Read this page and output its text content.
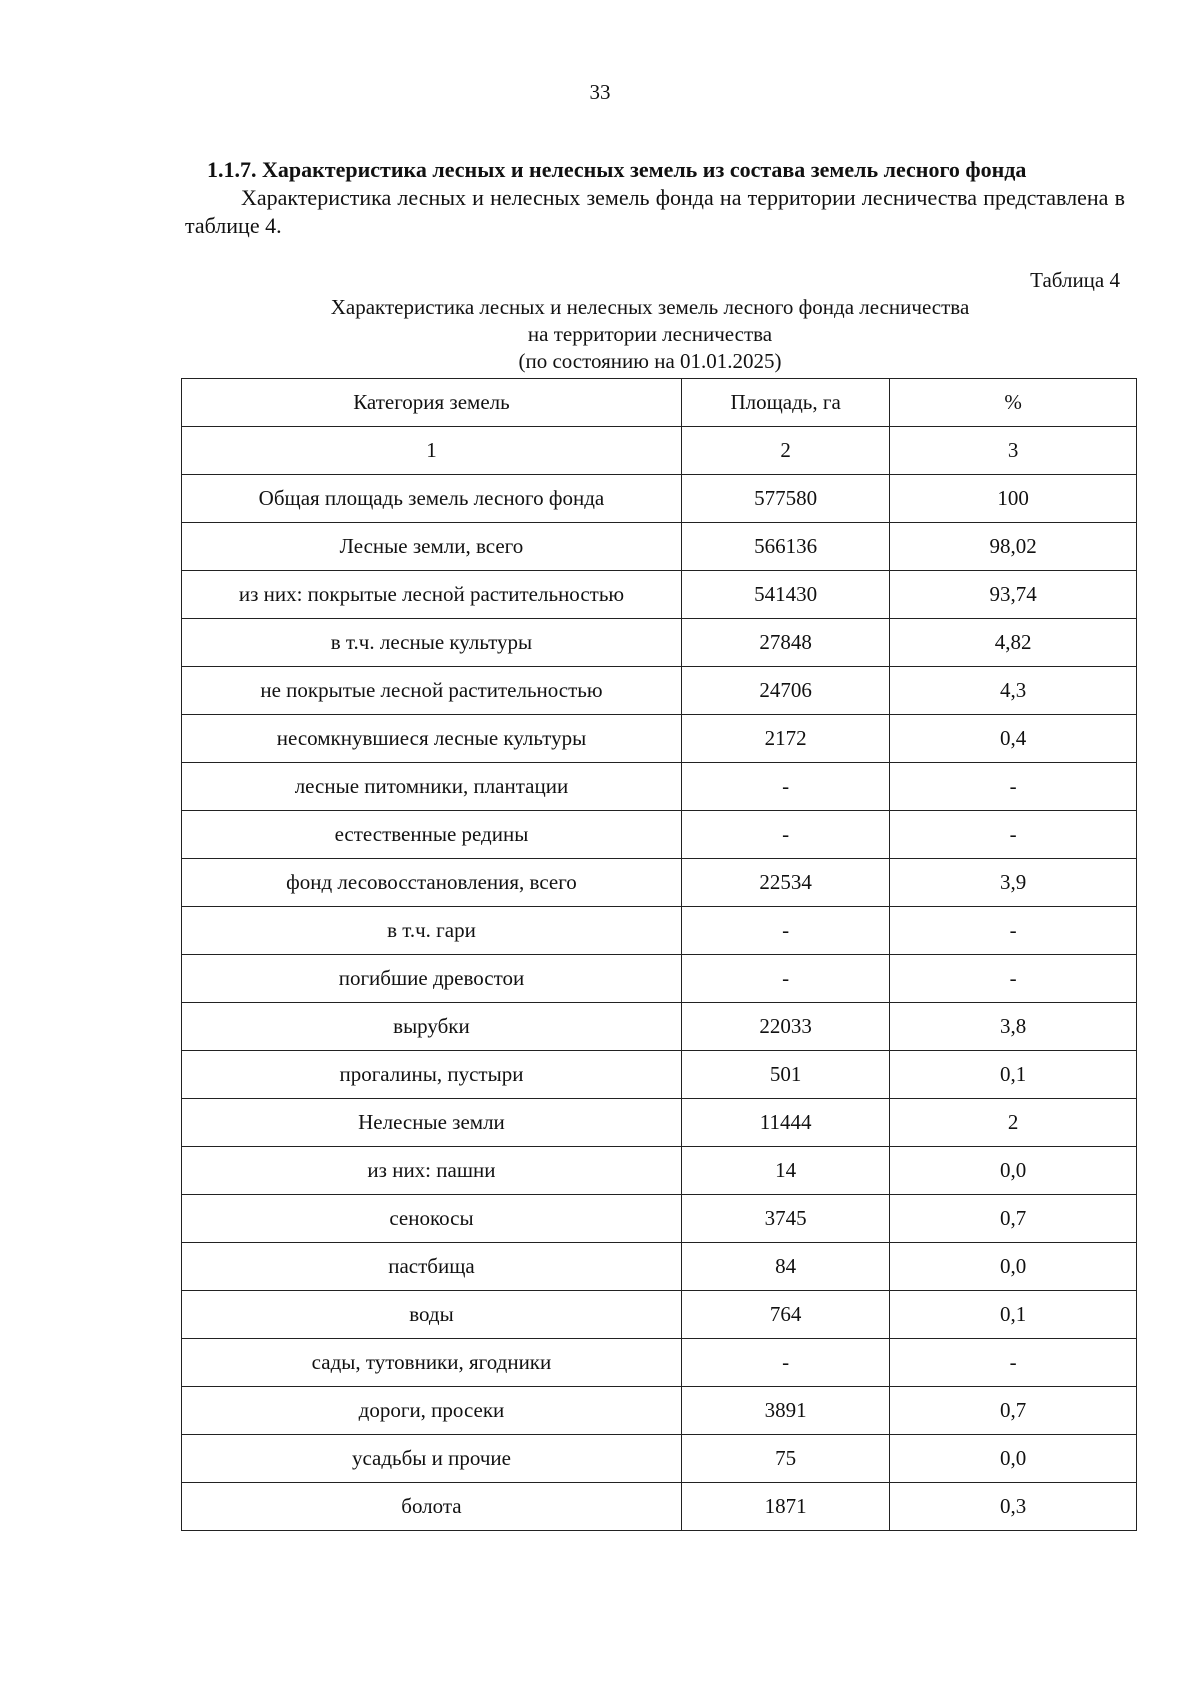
33
1.1.7. Характеристика лесных и нелесных земель из состава земель лесного фонда
Характеристика лесных и нелесных земель фонда на территории лесничества представлена в таблице 4.
Таблица 4
Характеристика лесных и нелесных земель лесного фонда лесничества
на территории лесничества
(по состоянию на 01.01.2025)
Категория земель	Площадь, га	%
1	2	3
Общая площадь земель лесного фонда	577580	100
Лесные земли, всего	566136	98,02
из них: покрытые лесной растительностью	541430	93,74
в т.ч. лесные культуры	27848	4,82
не покрытые лесной растительностью	24706	4,3
несомкнувшиеся лесные культуры	2172	0,4
лесные питомники, плантации	-	-
естественные редины	-	-
фонд лесовосстановления, всего	22534	3,9
в т.ч. гари	-	-
погибшие древостои	-	-
вырубки	22033	3,8
прогалины, пустыри	501	0,1
Нелесные земли	11444	2
из них: пашни	14	0,0
сенокосы	3745	0,7
пастбища	84	0,0
воды	764	0,1
сады, тутовники, ягодники	-	-
дороги, просеки	3891	0,7
усадьбы и прочие	75	0,0
болота	1871	0,3
